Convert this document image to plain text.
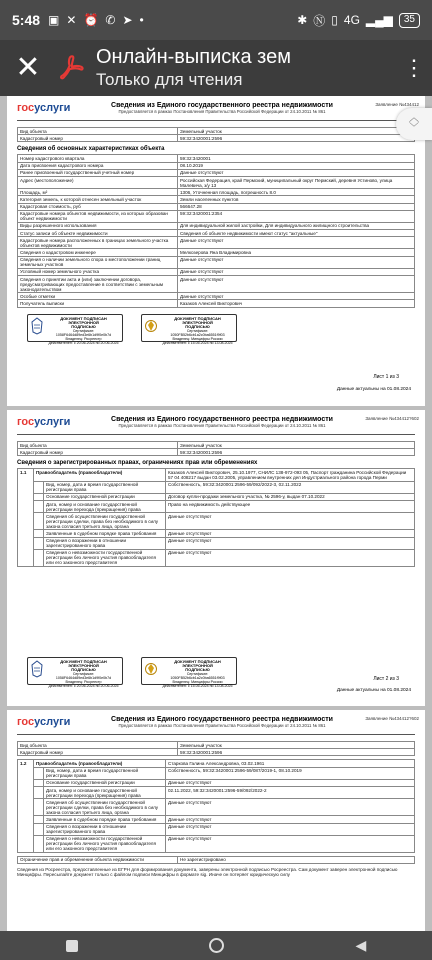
5:48 ▣ ✕ ⏰ ✆ ➤ •	✱ Ⓝ ▯ 4G ▂▄▆	35
✕	Онлайн-выписка зем
Только для чтения	⋮
госуслуги	Сведения из Единого государственного реестра недвижимости
Предоставляется в рамках Постановления Правительства Российской Федерации от 24.10.2011 № 861
Заявление №434412
Вид объекта	Земельный участок
Кадастровый номер	59:32:3420001:2596
Сведения об основных характеристиках объекта
Номер кадастрового квартала	59:32:3420001
Дата присвоения кадастрового номера	08.10.2019
Ранее присвоенный государственный учетный номер	Данные отсутствуют
Адрес (местоположение)	Российская Федерация, край Пермский, муниципальный округ Пермский, деревня Устиново, улица Малевича, з/у 13
Площадь, м²	1306, Уточненная площадь, погрешность 8.0
Категория земель, к которой отнесен земельный участок	Земли населенных пунктов
Кадастровая стоимость, руб	566647.28
Кадастровые номера объектов недвижимости, из которых образован объект недвижимости	59:32:3420001:2354
Виды разрешенного использования	Для индивидуальной жилой застройки, Для индивидуального жилищного строительства
Статус записи об объекте недвижимости	Сведения об объекте недвижимости имеют статус "актуальные"
Кадастровые номера расположенных в границах земельного участка объектов недвижимости	Данные отсутствуют
Сведения о кадастровом инженере	Мелкозерова Яна Владимировна
Сведения о наличии земельного спора о местоположении границ земельных участков	Данные отсутствуют
Условный номер земельного участка	Данные отсутствуют
Сведения о принятии акта и (или) заключении договора, предусматривающих предоставление в соответствии с земельным законодательством	Данные отсутствуют
Особые отметки	Данные отсутствуют
Получатель выписки	Казаков Алексей Викторович
ДОКУМЕНТ ПОДПИСАН
ЭЛЕКТРОННОЙ
ПОДПИСЬЮ
Сертификат: 1058F6464d89ed3e6b1d9f0e0b7d
Владелец: Росреестр
Действителен: с 20.06.2024 по 20.06.2025
ДОКУМЕНТ ПОДПИСАН
ЭЛЕКТРОННОЙ
ПОДПИСЬЮ
Сертификат: 1050FB52b6cb1a2c0ba6551f9f03
Владелец: Минцифры России
Действителен: с 15.05.2024 по 13.08.2025
Лист 1 из 3
Данные актуальны на 01.08.2024
госуслуги	Сведения из Единого государственного реестра недвижимости
Предоставляется в рамках Постановления Правительства Российской Федерации от 24.10.2011 № 861
Заявление №434412?602
Вид объекта	Земельный участок
Кадастровый номер	59:32:3420001:2596
Сведения о зарегистрированных правах, ограничениях прав или обременениях
1.1	Правообладатель (правообладатели)		Казаков Алексей Викторович, 25.10.1977, СНИЛС 138-972-093 05, Паспорт гражданина Российской Федерации 57 04 408217 выдан 03.02.2005, управлением внутренних дел Индустриального района города Перми
		Вид, номер, дата и время государственной регистрации права	Собственность, 59:32:3420001:2596-59/092/2022-3, 02.11.2022
		Основание государственной регистрации	Договор купли-продажи земельного участка, № 2596-у, выдан 07.10.2022
		Дата, номер и основание государственной регистрации перехода (прекращения) права	Право на недвижимость действующее
		Сведения об осуществлении государственной регистрации сделки, права без необходимого в силу закона согласия третьего лица, органа	Данные отсутствуют
		Заявленные в судебном порядке права требования	Данные отсутствуют
		Сведения о возражении в отношении зарегистрированного права	Данные отсутствуют
		Сведения о невозможности государственной регистрации без личного участия правообладателя или его законного представителя	Данные отсутствуют
ДОКУМЕНТ ПОДПИСАН
ЭЛЕКТРОННОЙ
ПОДПИСЬЮ
Сертификат: 1058F6464d89ed3e6b1d9f0e0b7d
Владелец: Росреестр
Действителен: с 20.06.2024 по 20.06.2025
ДОКУМЕНТ ПОДПИСАН
ЭЛЕКТРОННОЙ
ПОДПИСЬЮ
Сертификат: 1050FB52b6cb1a2c0ba6551f9f03
Владелец: Минцифры России
Действителен: с 15.05.2024 по 13.08.2025
Лист 2 из 3
Данные актуальны на 01.08.2024
госуслуги	Сведения из Единого государственного реестра недвижимости
Предоставляется в рамках Постановления Правительства Российской Федерации от 24.10.2011 № 861
Заявление №434412?602
Вид объекта	Земельный участок
Кадастровый номер	59:32:3420001:2596
1.2	Правообладатель (правообладатели)		Старкова Галина Александровна, 03.02.1961
		Вид, номер, дата и время государственной регистрации права	Собственность, 59:32:3420001:2596-59/087/2019-1, 08.10.2019
		Основание государственной регистрации	Данные отсутствуют
		Дата, номер и основание государственной регистрации перехода (прекращения) права	02.11.2022, 59:32:3420001:2596-59/092/2022-2
		Сведения об осуществлении государственной регистрации сделки, права без необходимого в силу закона согласия третьего лица, органа	Данные отсутствуют
		Заявленные в судебном порядке права требования	Данные отсутствуют
		Сведения о возражении в отношении зарегистрированного права	Данные отсутствуют
		Сведения о невозможности государственной регистрации без личного участия правообладателя или его законного представителя	Данные отсутствуют
Ограничение прав и обременение объекта недвижимости	Не зарегистрировано
Сведения из Росреестра, предоставленные из ЕГРН для формирования документа, заверены электронной подписью Росреестра. Сам документ заверен электронной подписью Минцифры. Пересылайте документ только с файлом подписи Минцифры в формате sig. Иначе он потеряет юридическую силу
︿
﹀
◀
